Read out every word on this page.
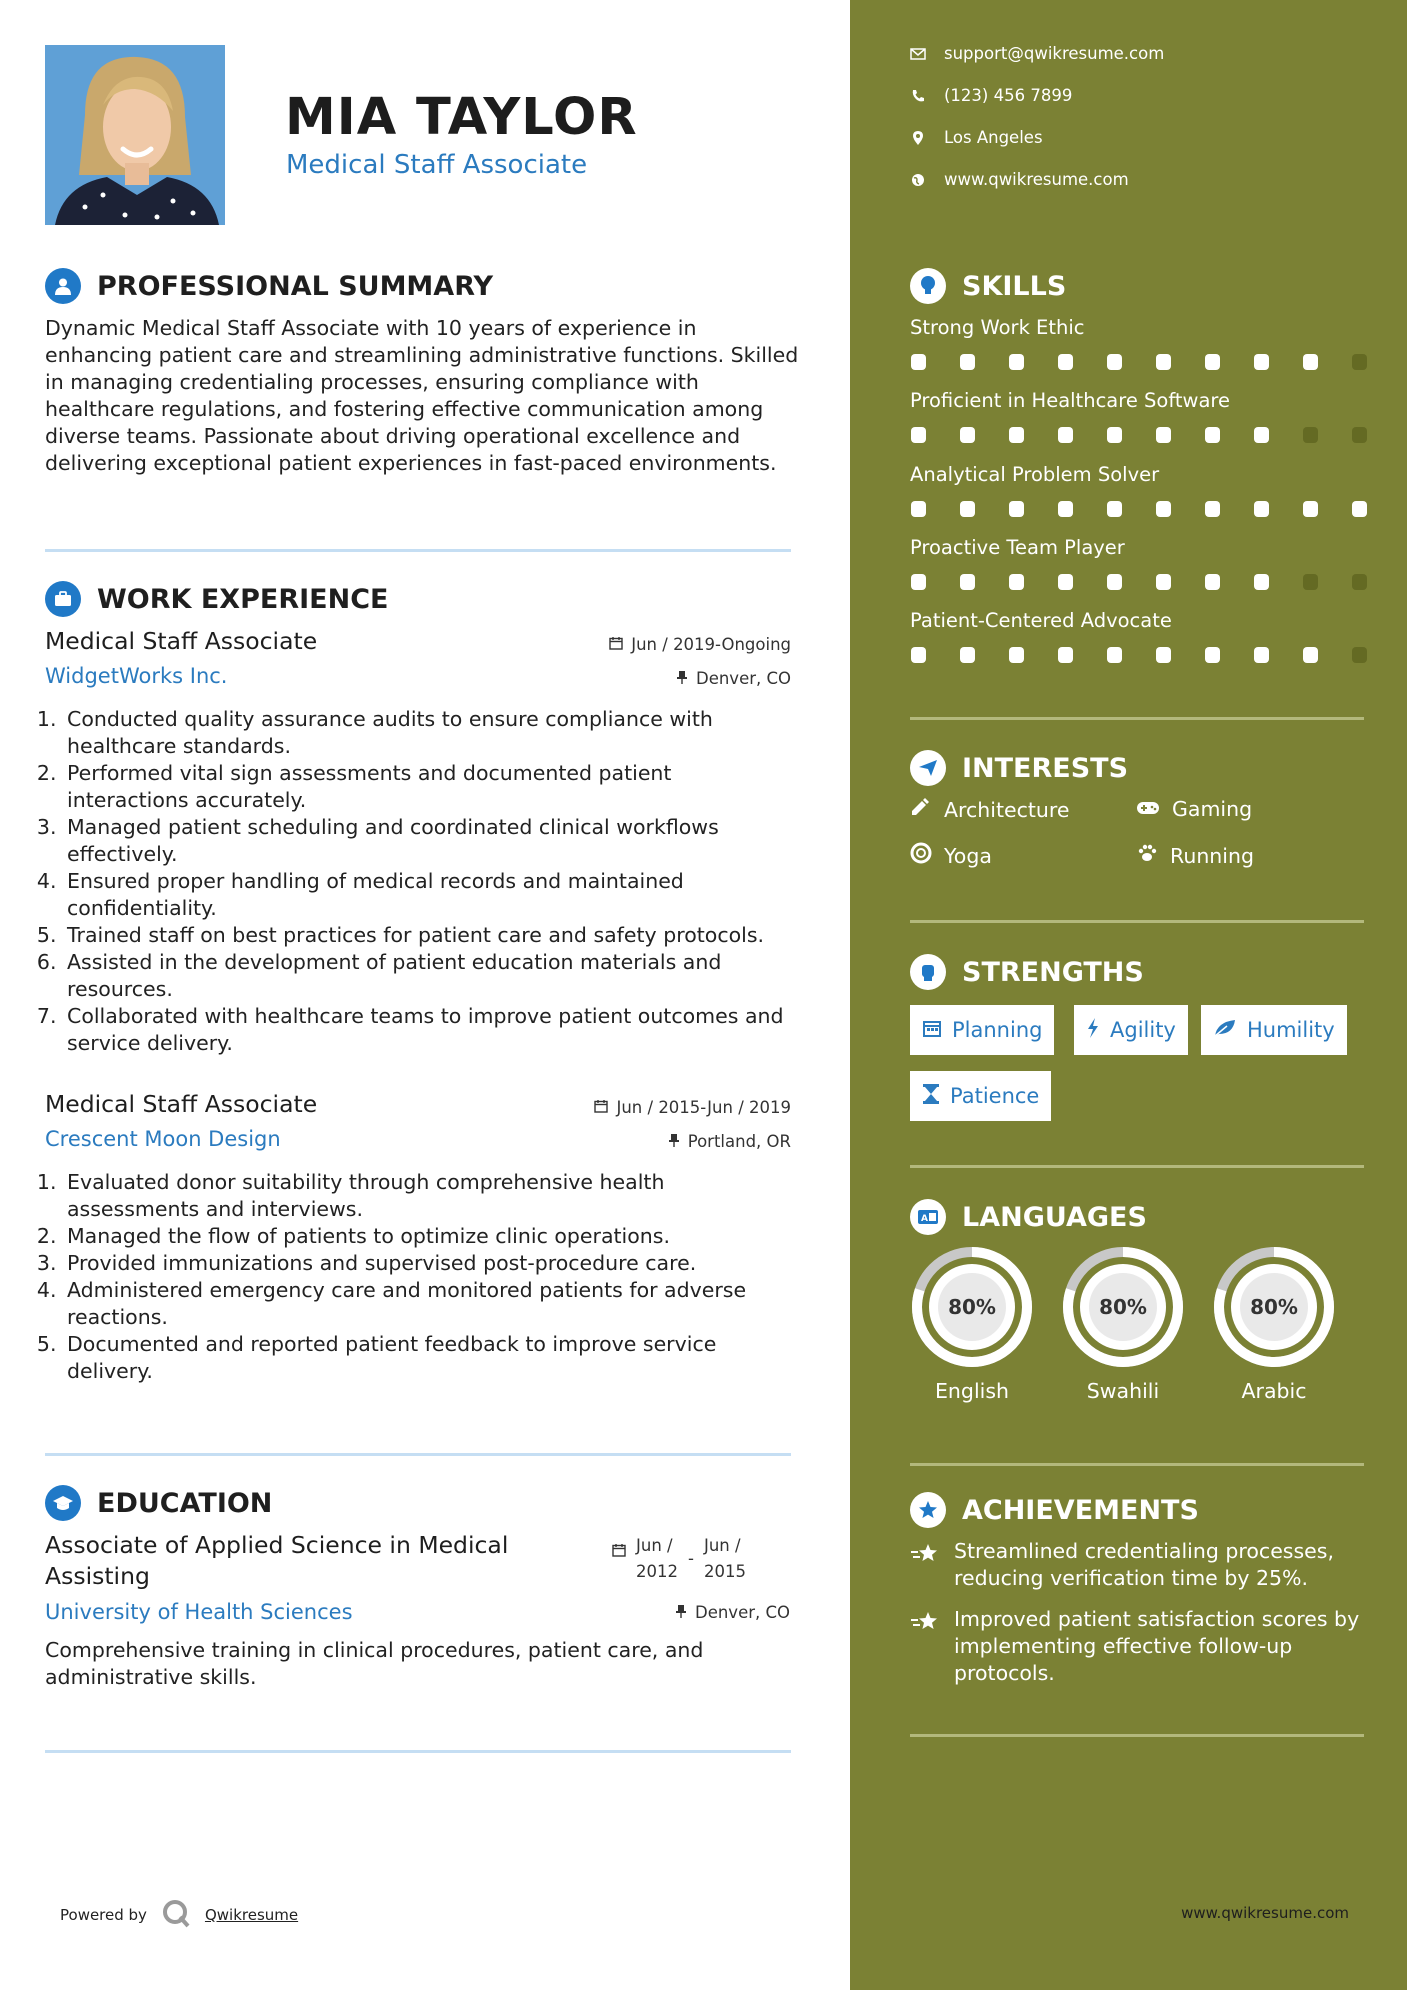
MIA TAYLOR
Medical Staff Associate
PROFESSIONAL SUMMARY
Dynamic Medical Staff Associate with 10 years of experience in enhancing patient care and streamlining administrative functions. Skilled in managing credentialing processes, ensuring compliance with healthcare regulations, and fostering effective communication among diverse teams. Passionate about driving operational excellence and delivering exceptional patient experiences in fast-paced environments.
WORK EXPERIENCE
Medical Staff Associate
WidgetWorks Inc.
Jun / 2019-Ongoing
Denver, CO
1. Conducted quality assurance audits to ensure compliance with healthcare standards.
2. Performed vital sign assessments and documented patient interactions accurately.
3. Managed patient scheduling and coordinated clinical workflows effectively.
4. Ensured proper handling of medical records and maintained confidentiality.
5. Trained staff on best practices for patient care and safety protocols.
6. Assisted in the development of patient education materials and resources.
7. Collaborated with healthcare teams to improve patient outcomes and service delivery.
Medical Staff Associate
Crescent Moon Design
Jun / 2015-Jun / 2019
Portland, OR
1. Evaluated donor suitability through comprehensive health assessments and interviews.
2. Managed the flow of patients to optimize clinic operations.
3. Provided immunizations and supervised post-procedure care.
4. Administered emergency care and monitored patients for adverse reactions.
5. Documented and reported patient feedback to improve service delivery.
EDUCATION
Associate of Applied Science in Medical Assisting
Jun /
2012
-
Jun /
2015
University of Health Sciences	Denver, CO
Comprehensive training in clinical procedures, patient care, and administrative skills.
Powered by	Qwikresume
support@qwikresume.com
(123) 456 7899
Los Angeles
www.qwikresume.com
SKILLS
Strong Work Ethic
Proficient in Healthcare Software
Analytical Problem Solver
Proactive Team Player
Patient-Centered Advocate
INTERESTS
Architecture	Gaming
Yoga	Running
STRENGTHS
Planning	Agility	Humility
Patience
A LANGUAGES
80%
English
80%
Swahili
80%
Arabic
ACHIEVEMENTS
Streamlined credentialing processes, reducing verification time by 25%.
Improved patient satisfaction scores by implementing effective follow-up protocols.
www.qwikresume.com
